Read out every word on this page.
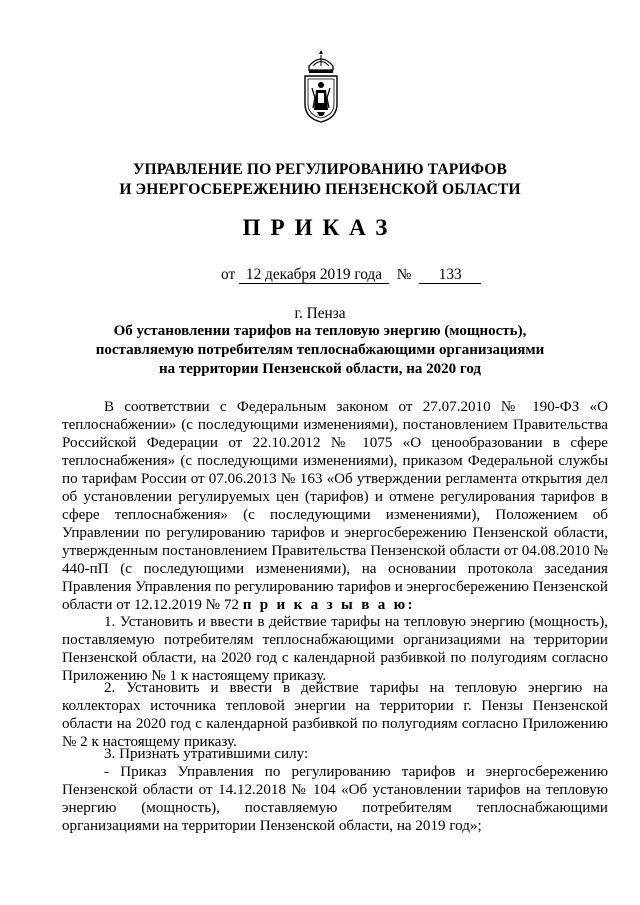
УПРАВЛЕНИЕ ПО РЕГУЛИРОВАНИЮ ТАРИФОВ
И ЭНЕРГОСБЕРЕЖЕНИЮ ПЕНЗЕНСКОЙ ОБЛАСТИ
ПРИКАЗ
от 12 декабря 2019 года № 133
г. Пенза
Об установлении тарифов на тепловую энергию (мощность),
поставляемую потребителям теплоснабжающими организациями
на территории Пензенской области, на 2020 год

В соответствии с Федеральным законом от 27.07.2010 № 190-ФЗ «О теплоснабжении» (с последующими изменениями), постановлением Правительства Российской Федерации от 22.10.2012 № 1075 «О ценообразовании в сфере теплоснабжения» (с последующими изменениями), приказом Федеральной службы по тарифам России от 07.06.2013 № 163 «Об утверждении регламента открытия дел об установлении регулируемых цен (тарифов) и отмене регулирования тарифов в сфере теплоснабжения» (с последующими изменениями), Положением об Управлении по регулированию тарифов и энергосбережению Пензенской области, утвержденным постановлением Правительства Пензенской области от 04.08.2010 № 440-пП (с последующими изменениями), на основании протокола заседания Правления Управления по регулированию тарифов и энергосбережению Пензенской области от 12.12.2019 № 72 п р и к а з ы в а ю:

1. Установить и ввести в действие тарифы на тепловую энергию (мощность), поставляемую потребителям теплоснабжающими организациями на территории Пензенской области, на 2020 год с календарной разбивкой по полугодиям согласно Приложению № 1 к настоящему приказу.

2. Установить и ввести в действие тарифы на тепловую энергию на коллекторах источника тепловой энергии на территории г. Пензы Пензенской области на 2020 год с календарной разбивкой по полугодиям согласно Приложению № 2 к настоящему приказу.

3. Признать утратившими силу:

- Приказ Управления по регулированию тарифов и энергосбережению Пензенской области от 14.12.2018 № 104 «Об установлении тарифов на тепловую энергию (мощность), поставляемую потребителям теплоснабжающими организациями на территории Пензенской области, на 2019 год»;
